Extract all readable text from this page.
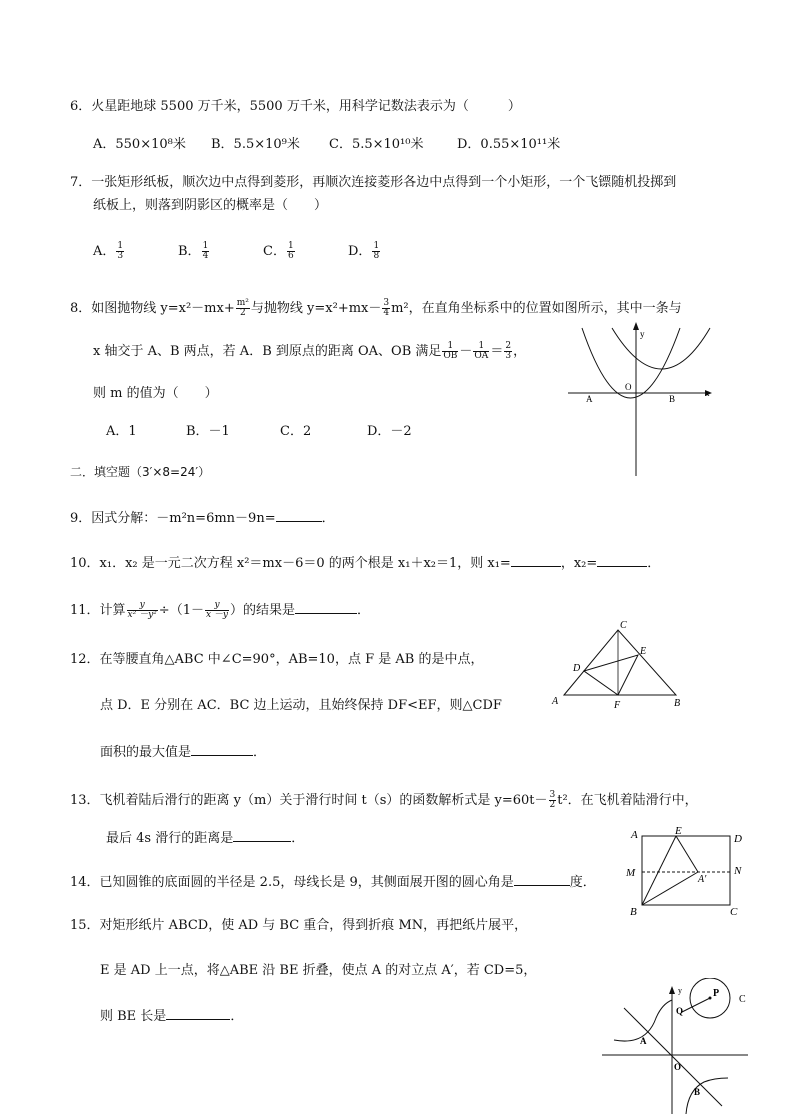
6．火星距地球 5500 万千米，5500 万千米，用科学记数法表示为（　　　）
A．550×10⁸米 B．5.5×10⁹米 C．5.5×10¹⁰米	D．0.55×10¹¹米
7．一张矩形纸板，顺次边中点得到菱形，再顺次连接菱形各边中点得到一个小矩形，一个飞镖随机投掷到
纸板上，则落到阴影区的概率是（　　）
A． $\frac{1}{3}$	B． $\frac{1}{4}$	C． $\frac{1}{6}$	D． $\frac{1}{8}$
8．如图抛物线 $y=x^2-mx+ \frac{\text{m²}}{2}$ 与抛物线 $y=x^2+mx- \frac{3}{4} m^2$，在直角坐标系中的位置如图所示，其中一条与
x 轴交于 A、B 两点，若 A．B 到原点的距离 OA、OB 满足 $\frac{1}{OB} - \frac{1}{OA} = \frac{2}{3}$ ，
则 m 的值为（　　）
A．1	B．－1	C．2	D．－2
y
x
O
A	B
二．填空题（3′×8=24′）
9．因式分解：－m²n=6mn－9n=	．
10．x₁．x₂ 是一元二次方程 x²＝mx－6＝0 的两个根是 x₁＋x₂＝1，则 x₁=	，x₂=	．
11．计算 $\frac{y}{\text{x² －y²}} \div(1- \frac{y}{x -y}$ ）的结果是	．
12．在等腰直角△ABC 中∠C=90°，AB=10，点 F 是 AB 的是中点，
点 D．E 分别在 AC．BC 边上运动，且始终保持 DF<EF，则△CDF
面积的最大值是	．
C
D
E
A	F	B
13．飞机着陆后滑行的距离 y（m）关于滑行时间 t（s）的函数解析式是 $y=60t- \frac{3}{2} t^2$．在飞机着陆滑行中，
最后 4s 滑行的距离是	．
14．已知圆锥的底面圆的半径是 2.5，母线长是 9，其侧面展开图的圆心角是	度．
A	E
D
M	N
A′
B	C
15．对矩形纸片 ABCD，使 AD 与 BC 重合，得到折痕 MN，再把纸片展平，
E 是 AD 上一点，将△ABE 沿 BE 折叠，使点 A 的对立点 A′，若 CD=5，
则 BE 长是	．
y	P
C
Q
A
O
B
